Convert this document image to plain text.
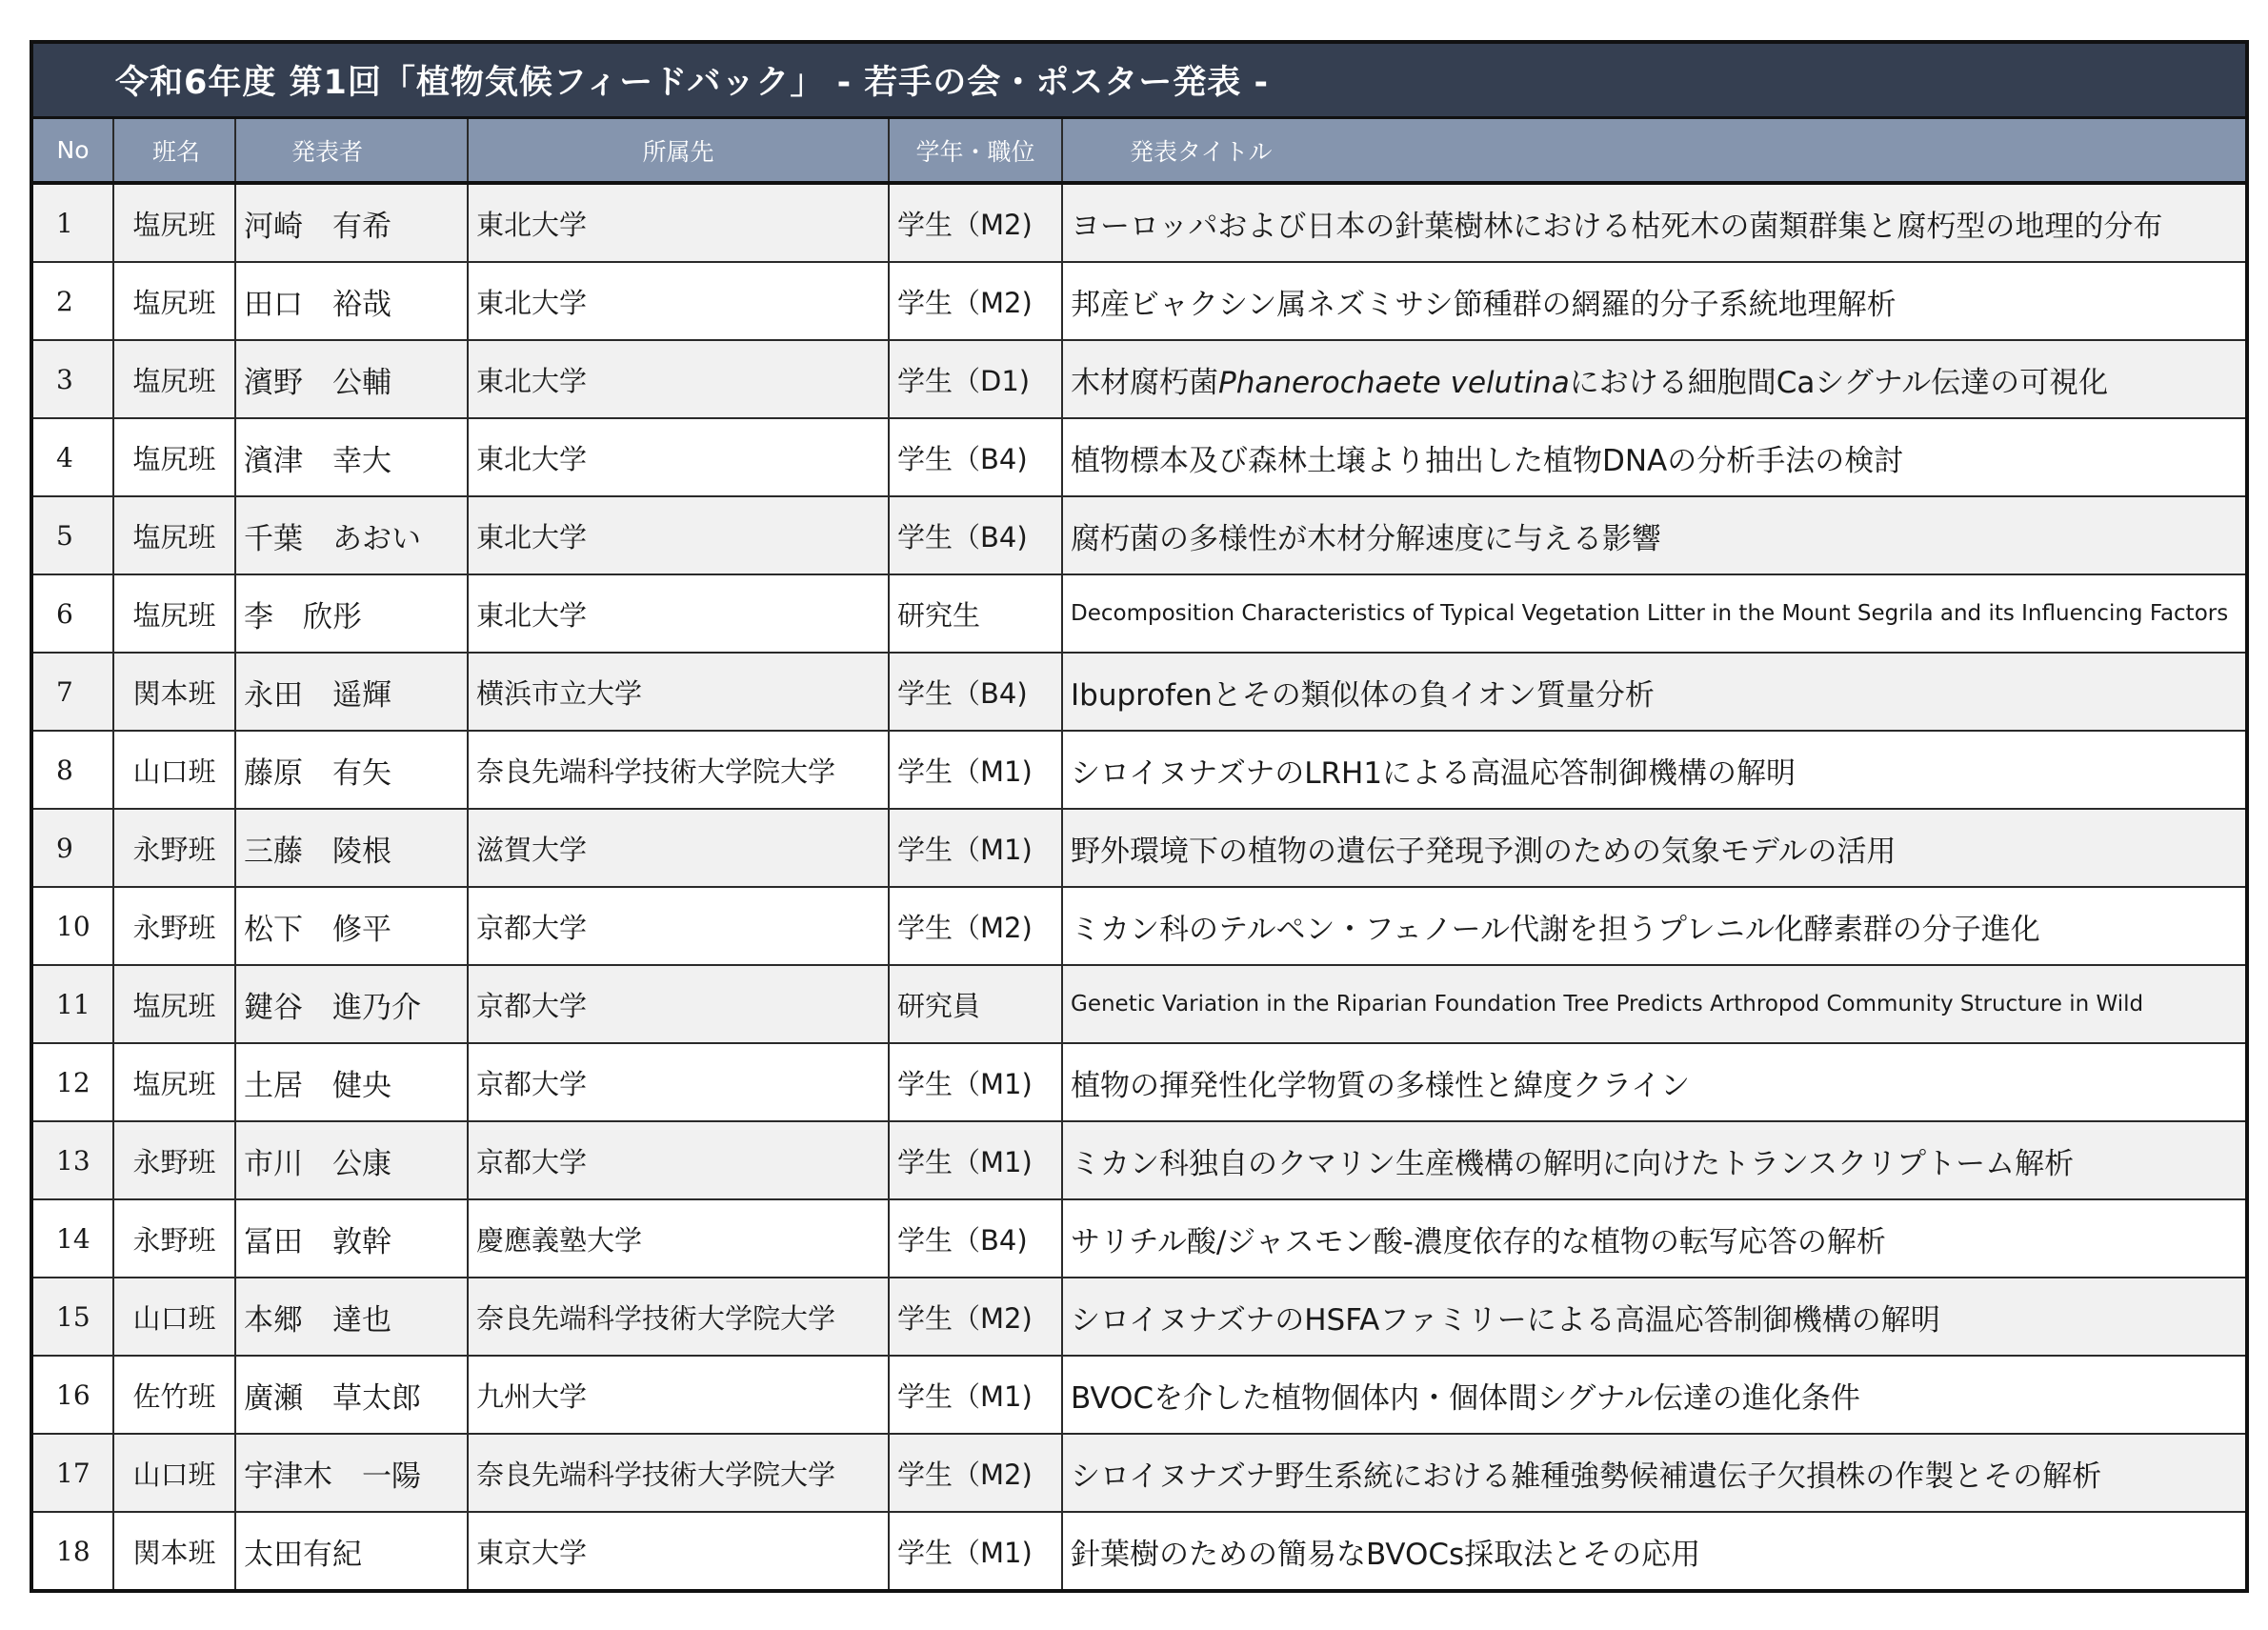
令和6年度 第1回「植物気候フィードバック」 - 若手の会・ポスター発表 -
No	班名	発表者	所属先	学年・職位	発表タイトル
1	塩尻班	河崎　有希	東北大学	学生（M2)	ヨーロッパおよび日本の針葉樹林における枯死木の菌類群集と腐朽型の地理的分布
2	塩尻班	田口　裕哉	東北大学	学生（M2)	邦産ビャクシン属ネズミサシ節種群の網羅的分子系統地理解析
3	塩尻班	濱野　公輔	東北大学	学生（D1)	木材腐朽菌Phanerochaete velutinaにおける細胞間Caシグナル伝達の可視化
4	塩尻班	濱津　幸大	東北大学	学生（B4)	植物標本及び森林土壌より抽出した植物DNAの分析手法の検討
5	塩尻班	千葉　あおい	東北大学	学生（B4)	腐朽菌の多様性が木材分解速度に与える影響
6	塩尻班	李　欣彤	東北大学	研究生	Decomposition Characteristics of Typical Vegetation Litter in the Mount Segrila and its Influencing Factors
7	関本班	永田　遥輝	横浜市立大学	学生（B4)	Ibuprofenとその類似体の負イオン質量分析
8	山口班	藤原　有矢	奈良先端科学技術大学院大学	学生（M1)	シロイヌナズナのLRH1による高温応答制御機構の解明
9	永野班	三藤　陵根	滋賀大学	学生（M1)	野外環境下の植物の遺伝子発現予測のための気象モデルの活用
10	永野班	松下　修平	京都大学	学生（M2)	ミカン科のテルペン・フェノール代謝を担うプレニル化酵素群の分子進化
11	塩尻班	鍵谷　進乃介	京都大学	研究員	Genetic Variation in the Riparian Foundation Tree Predicts Arthropod Community Structure in Wild
12	塩尻班	土居　健央	京都大学	学生（M1)	植物の揮発性化学物質の多様性と緯度クライン
13	永野班	市川　公康	京都大学	学生（M1)	ミカン科独自のクマリン生産機構の解明に向けたトランスクリプトーム解析
14	永野班	冨田　敦幹	慶應義塾大学	学生（B4)	サリチル酸/ジャスモン酸-濃度依存的な植物の転写応答の解析
15	山口班	本郷　達也	奈良先端科学技術大学院大学	学生（M2)	シロイヌナズナのHSFAファミリーによる高温応答制御機構の解明
16	佐竹班	廣瀬　草太郎	九州大学	学生（M1)	BVOCを介した植物個体内・個体間シグナル伝達の進化条件
17	山口班	宇津木　一陽	奈良先端科学技術大学院大学	学生（M2)	シロイヌナズナ野生系統における雑種強勢候補遺伝子欠損株の作製とその解析
18	関本班	太田有紀	東京大学	学生（M1)	針葉樹のための簡易なBVOCs採取法とその応用
